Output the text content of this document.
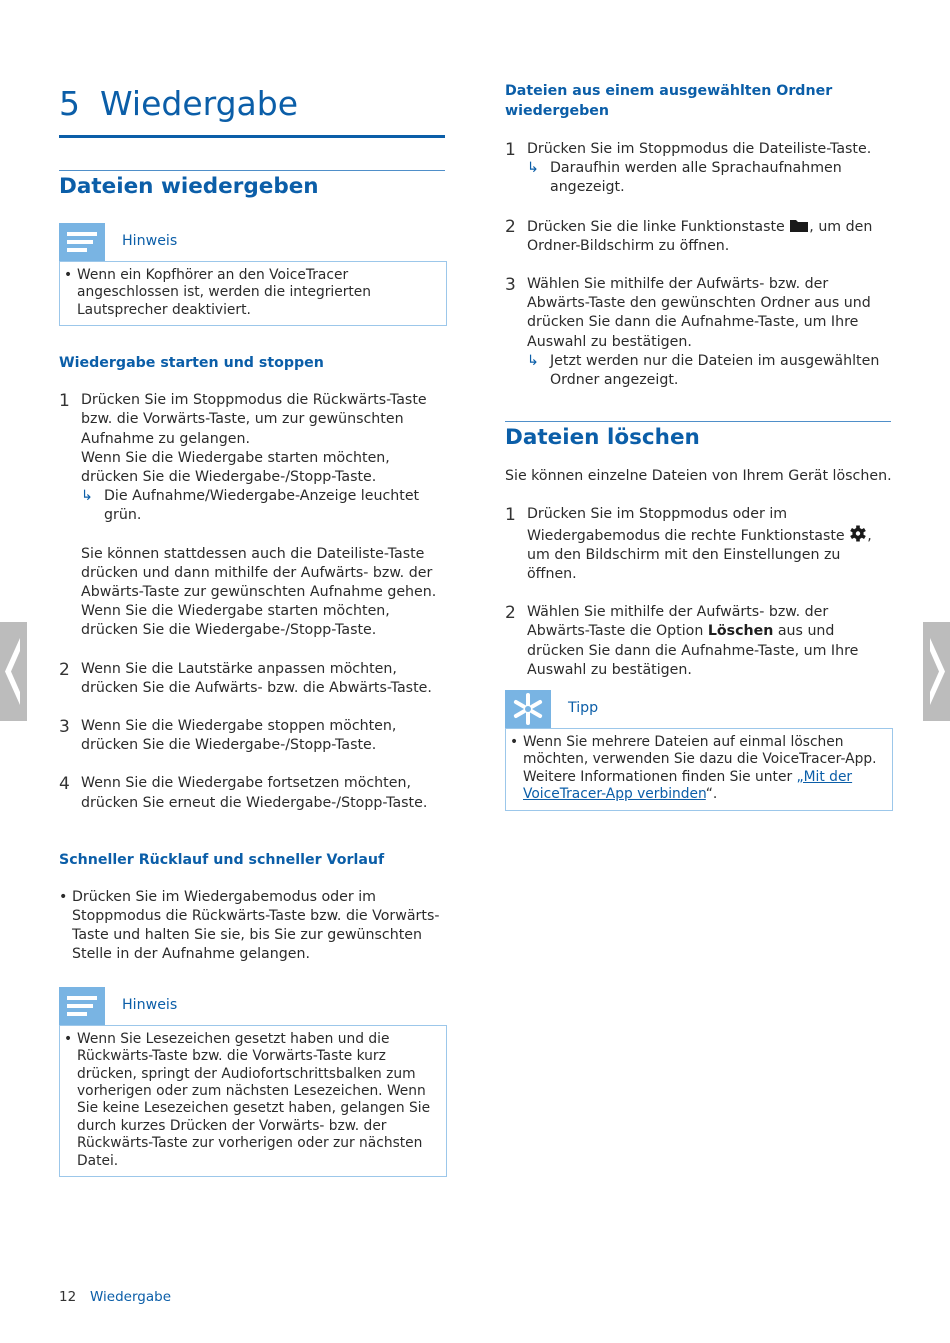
5 Wiedergabe
Dateien wiedergeben
Hinweis
• Wenn ein Kopfhörer an den VoiceTracer angeschlossen ist, werden die integrierten Lautsprecher deaktiviert.
Wiedergabe starten und stoppen
1 Drücken Sie im Stoppmodus die Rückwärts-Taste bzw. die Vorwärts-Taste, um zur gewünschten Aufnahme zu gelangen.

Wenn Sie die Wiedergabe starten möchten, drücken Sie die Wiedergabe-/Stopp-Taste.

↳ Die Aufnahme/Wiedergabe-Anzeige leuchtet grün.

Sie können stattdessen auch die Dateiliste-Taste drücken und dann mithilfe der Aufwärts- bzw. der Abwärts-Taste zur gewünschten Aufnahme gehen. Wenn Sie die Wiedergabe starten möchten, drücken Sie die Wiedergabe-/Stopp-Taste.

2 Wenn Sie die Lautstärke anpassen möchten, drücken Sie die Aufwärts- bzw. die Abwärts-Taste.

3 Wenn Sie die Wiedergabe stoppen möchten, drücken Sie die Wiedergabe-/Stopp-Taste.

4 Wenn Sie die Wiedergabe fortsetzen möchten, drücken Sie erneut die Wiedergabe-/Stopp-Taste.

Schneller Rücklauf und schneller Vorlauf
• Drücken Sie im Wiedergabemodus oder im Stoppmodus die Rückwärts-Taste bzw. die Vorwärts-Taste und halten Sie sie, bis Sie zur gewünschten Stelle in der Aufnahme gelangen.
Hinweis
• Wenn Sie Lesezeichen gesetzt haben und die Rückwärts-Taste bzw. die Vorwärts-Taste kurz drücken, springt der Audiofortschrittsbalken zum vorherigen oder zum nächsten Lesezeichen. Wenn Sie keine Lesezeichen gesetzt haben, gelangen Sie durch kurzes Drücken der Vorwärts- bzw. der Rückwärts-Taste zur vorherigen oder zur nächsten Datei.
Dateien aus einem ausgewählten Ordner wiedergeben
1 Drücken Sie im Stoppmodus die Dateiliste-Taste.

↳ Daraufhin werden alle Sprachaufnahmen angezeigt.
2 Drücken Sie die linke Funktionstaste , um den Ordner-Bildschirm zu öffnen.

3 Wählen Sie mithilfe der Aufwärts- bzw. der Abwärts-Taste den gewünschten Ordner aus und drücken Sie dann die Aufnahme-Taste, um Ihre Auswahl zu bestätigen.

↳ Jetzt werden nur die Dateien im ausgewählten Ordner angezeigt.
Dateien löschen

Sie können einzelne Dateien von Ihrem Gerät löschen.

1 Drücken Sie im Stoppmodus oder im Wiedergabemodus die rechte Funktionstaste , um den Bildschirm mit den Einstellungen zu öffnen.

2 Wählen Sie mithilfe der Aufwärts- bzw. der Abwärts-Taste die Option Löschen aus und drücken Sie dann die Aufnahme-Taste, um Ihre Auswahl zu bestätigen.

Tipp
• Wenn Sie mehrere Dateien auf einmal löschen möchten, verwenden Sie dazu die VoiceTracer-App. Weitere Informationen finden Sie unter „Mit der VoiceTracer-App verbinden“.
12 Wiedergabe
